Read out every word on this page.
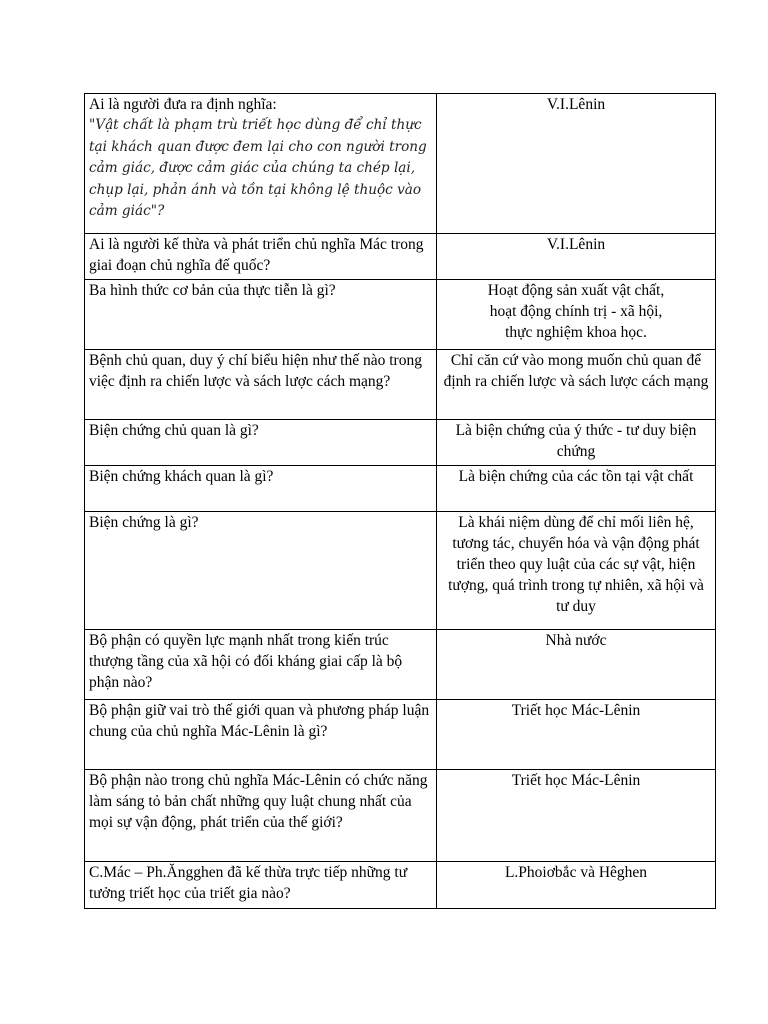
Ai là người đưa ra định nghĩa:
"Vật chất là phạm trù triết học dùng để chỉ thực tại khách quan được đem lại cho con người trong cảm giác, được cảm giác của chúng ta chép lại, chụp lại, phản ánh và tồn tại không lệ thuộc vào cảm giác"?	V.I.Lênin
Ai là người kế thừa và phát triển chủ nghĩa Mác trong giai đoạn chủ nghĩa đế quốc?	V.I.Lênin
Ba hình thức cơ bản của thực tiễn là gì?	Hoạt động sản xuất vật chất,
hoạt động chính trị - xã hội,
thực nghiệm khoa học.

Bệnh chủ quan, duy ý chí biểu hiện như thế nào trong việc định ra chiến lược và sách lược cách mạng?	Chỉ căn cứ vào mong muốn chủ quan để định ra chiến lược và sách lược cách mạng
Biện chứng chủ quan là gì?	Là biện chứng của ý thức - tư duy biện chứng
Biện chứng khách quan là gì?	Là biện chứng của các tồn tại vật chất
Biện chứng là gì?	Là khái niệm dùng để chỉ mối liên hệ, tương tác, chuyển hóa và vận động phát triển theo quy luật của các sự vật, hiện tượng, quá trình trong tự nhiên, xã hội và tư duy
Bộ phận có quyền lực mạnh nhất trong kiến trúc thượng tầng của xã hội có đối kháng giai cấp là bộ phận nào?	Nhà nước
Bộ phận giữ vai trò thế giới quan và phương pháp luận chung của chủ nghĩa Mác-Lênin là gì?	Triết học Mác-Lênin
Bộ phận nào trong chủ nghĩa Mác-Lênin có chức năng làm sáng tỏ bản chất những quy luật chung nhất của mọi sự vận động, phát triển của thế giới?	Triết học Mác-Lênin
C.Mác – Ph.Ăngghen đã kế thừa trực tiếp những tư tưởng triết học của triết gia nào?	L.Phoiơbắc và Hêghen
